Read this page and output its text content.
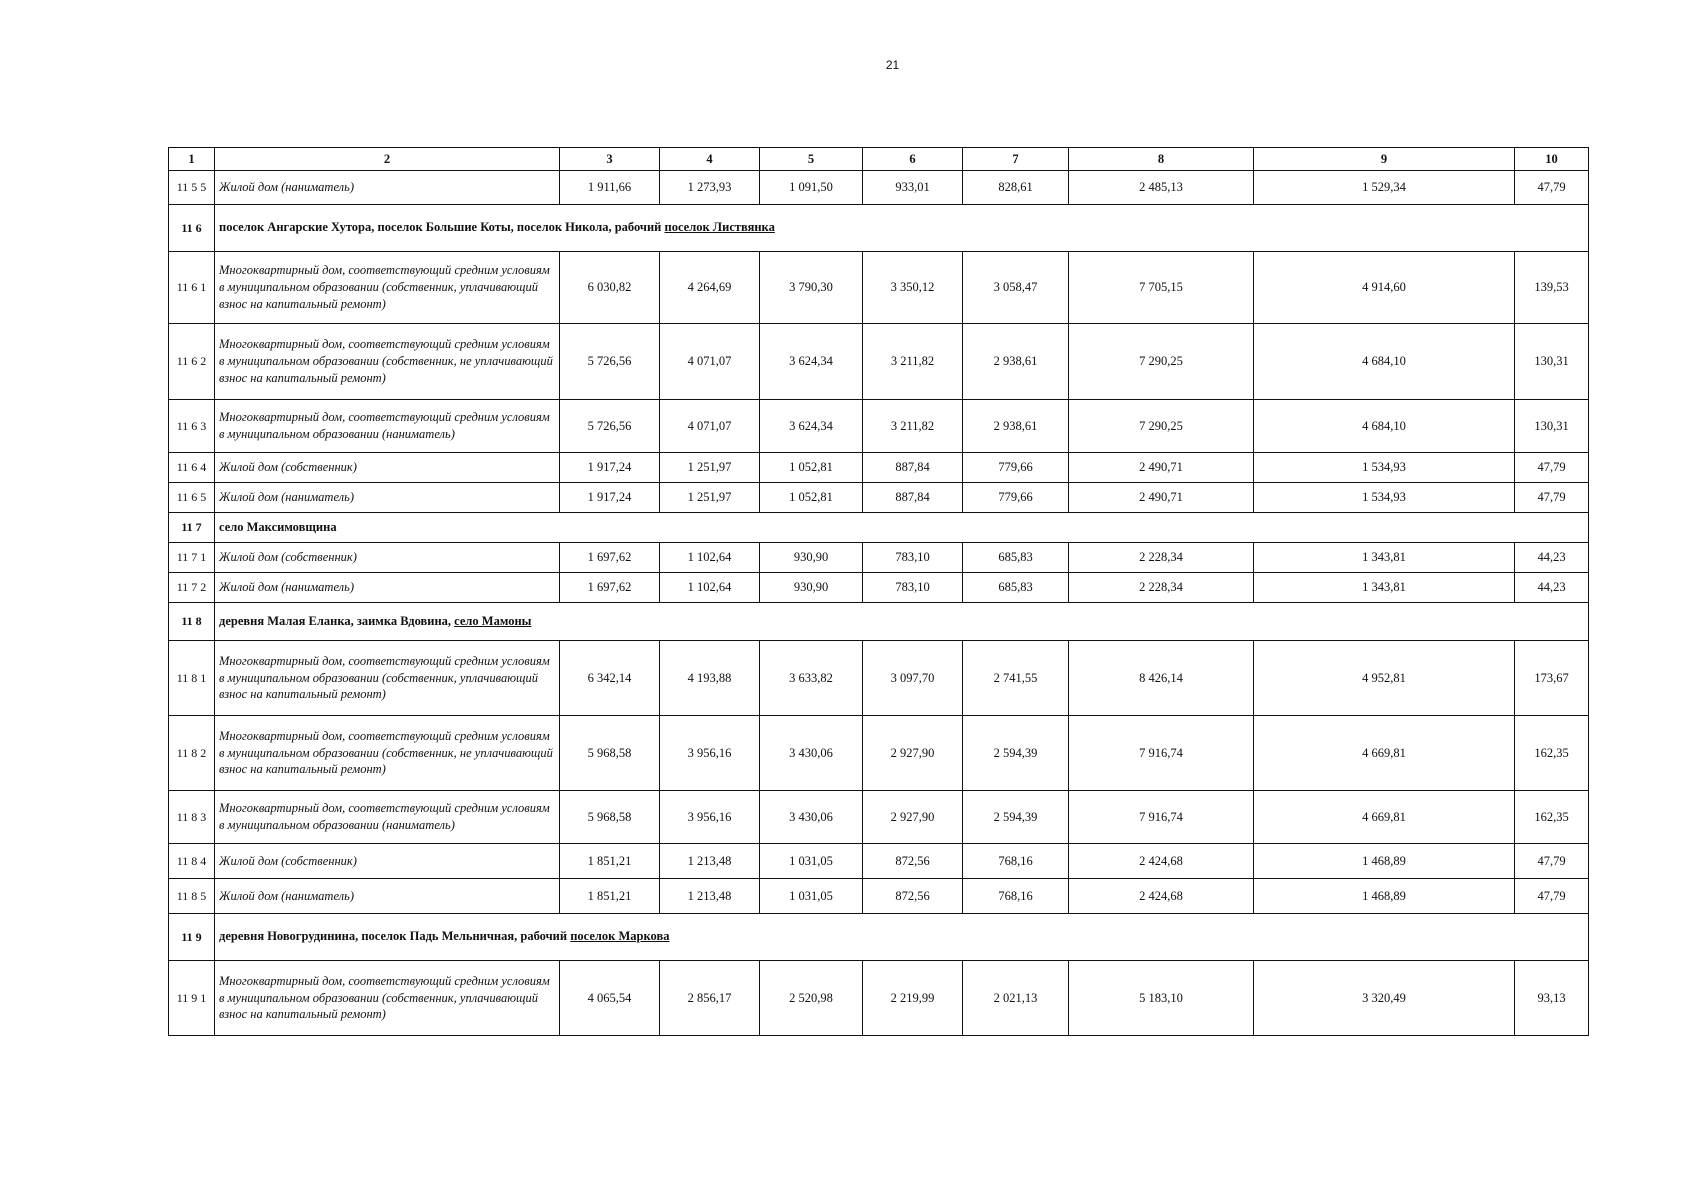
21
1	2	3	4	5	6	7	8	9	10
11 5 5	Жилой дом (наниматель)	1 911,66	1 273,93	1 091,50	933,01	828,61	2 485,13	1 529,34	47,79
11 6	поселок Ангарские Хутора, поселок Большие Коты, поселок Никола, рабочий поселок Листвянка								
11 6 1	Многоквартирный дом, соответствующий средним условиям в муниципальном образовании (собственник, уплачивающий взнос на капитальный ремонт)	6 030,82	4 264,69	3 790,30	3 350,12	3 058,47	7 705,15	4 914,60	139,53
11 6 2	Многоквартирный дом, соответствующий средним условиям в муниципальном образовании (собственник, не уплачивающий взнос на капитальный ремонт)	5 726,56	4 071,07	3 624,34	3 211,82	2 938,61	7 290,25	4 684,10	130,31
11 6 3	Многоквартирный дом, соответствующий средним условиям в муниципальном образовании (наниматель)	5 726,56	4 071,07	3 624,34	3 211,82	2 938,61	7 290,25	4 684,10	130,31
11 6 4	Жилой дом (собственник)	1 917,24	1 251,97	1 052,81	887,84	779,66	2 490,71	1 534,93	47,79
11 6 5	Жилой дом (наниматель)	1 917,24	1 251,97	1 052,81	887,84	779,66	2 490,71	1 534,93	47,79
11 7	село Максимовщина								
11 7 1	Жилой дом (собственник)	1 697,62	1 102,64	930,90	783,10	685,83	2 228,34	1 343,81	44,23
11 7 2	Жилой дом (наниматель)	1 697,62	1 102,64	930,90	783,10	685,83	2 228,34	1 343,81	44,23
11 8	деревня Малая Еланка, заимка Вдовина, село Мамоны								
11 8 1	Многоквартирный дом, соответствующий средним условиям в муниципальном образовании (собственник, уплачивающий взнос на капитальный ремонт)	6 342,14	4 193,88	3 633,82	3 097,70	2 741,55	8 426,14	4 952,81	173,67
11 8 2	Многоквартирный дом, соответствующий средним условиям в муниципальном образовании (собственник, не уплачивающий взнос на капитальный ремонт)	5 968,58	3 956,16	3 430,06	2 927,90	2 594,39	7 916,74	4 669,81	162,35
11 8 3	Многоквартирный дом, соответствующий средним условиям в муниципальном образовании (наниматель)	5 968,58	3 956,16	3 430,06	2 927,90	2 594,39	7 916,74	4 669,81	162,35
11 8 4	Жилой дом (собственник)	1 851,21	1 213,48	1 031,05	872,56	768,16	2 424,68	1 468,89	47,79
11 8 5	Жилой дом (наниматель)	1 851,21	1 213,48	1 031,05	872,56	768,16	2 424,68	1 468,89	47,79
11 9	деревня Новогрудинина, поселок Падь Мельничная, рабочий поселок Маркова								
11 9 1	Многоквартирный дом, соответствующий средним условиям в муниципальном образовании (собственник, уплачивающий взнос на капитальный ремонт)	4 065,54	2 856,17	2 520,98	2 219,99	2 021,13	5 183,10	3 320,49	93,13
